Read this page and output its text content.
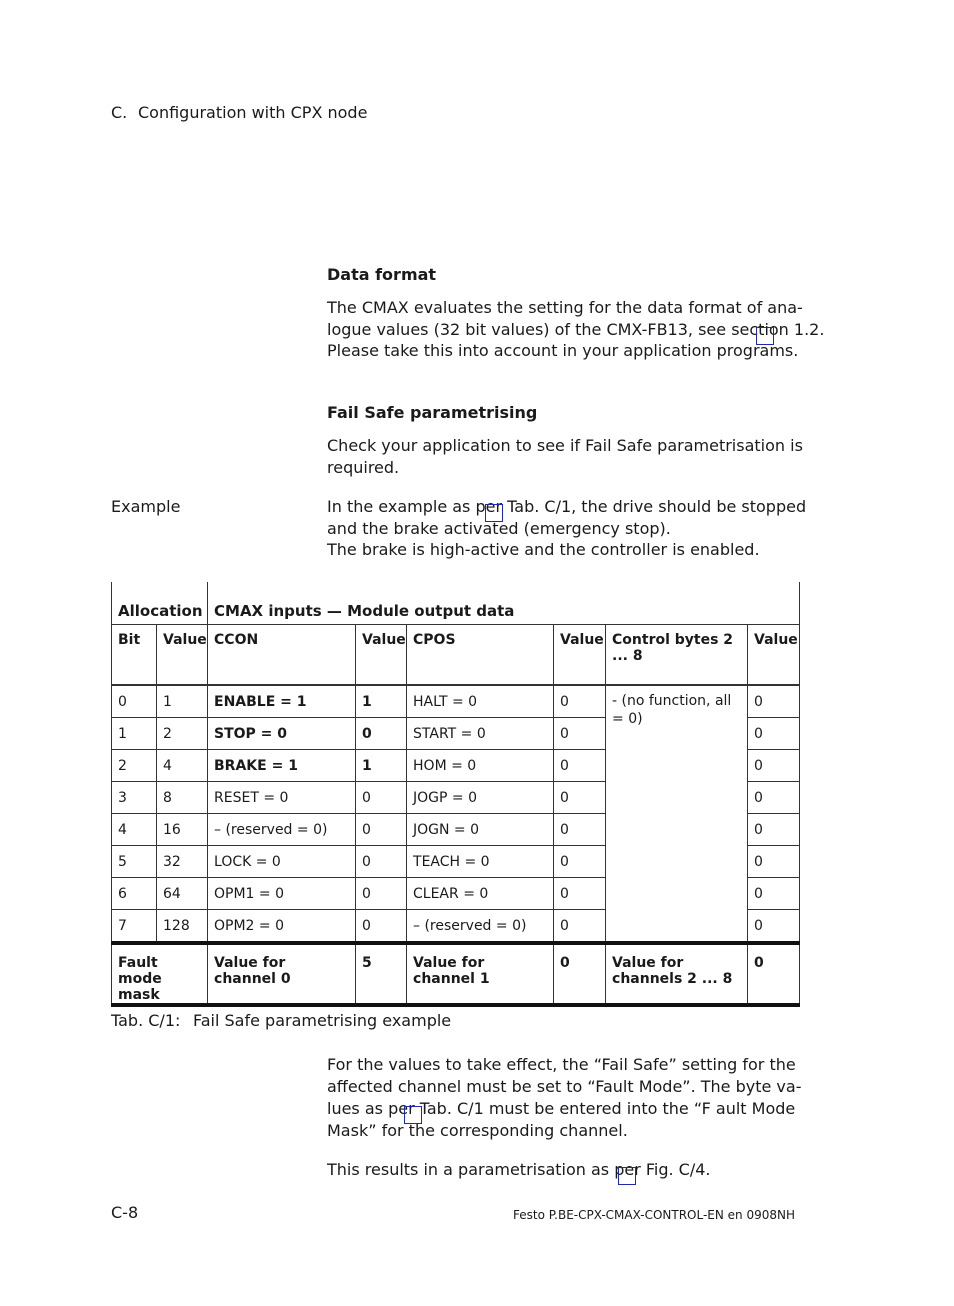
C. Configuration with CPX node
Data format
The CMAX evaluates the setting for the data format of ana-
logue values (32 bit values) of the CMX-FB13, see section 1.2.
Please take this into account in your application programs.
Fail Safe parametrising
Check your application to see if Fail Safe parametrisation is
required.
Example	In the example as per Tab. C/1, the drive should be stopped
and the brake activated (emergency stop).
The brake is high-active and the controller is enabled.
Allocation		CMAX inputs — Module output data					
Bit	Value	CCON	Value	CPOS	Value	Control bytes 2 ... 8	Value
0	1	ENABLE = 1	1	HALT = 0	0	- (no function, all = 0)	0
1	2	STOP = 0	0	START = 0	0		0
2	4	BRAKE = 1	1	HOM = 0	0		0
3	8	RESET = 0	0	JOGP = 0	0		0
4	16	– (reserved = 0)	0	JOGN = 0	0		0
5	32	LOCK = 0	0	TEACH = 0	0		0
6	64	OPM1 = 0	0	CLEAR = 0	0		0
7	128	OPM2 = 0	0	– (reserved = 0)	0		0
Fault mode mask		Value for channel 0	5	Value for channel 1	0	Value for channels 2 ... 8	0
Tab. C/1: Fail Safe parametrising example
For the values to take effect, the “Fail Safe” setting for the
affected channel must be set to “Fault Mode”. The byte va-
lues as per Tab. C/1 must be entered into the “F ault Mode
Mask” for the corresponding channel.
This results in a parametrisation as per Fig. C/4.
C-8	Festo P.BE-CPX-CMAX-CONTROL-EN en 0908NH
